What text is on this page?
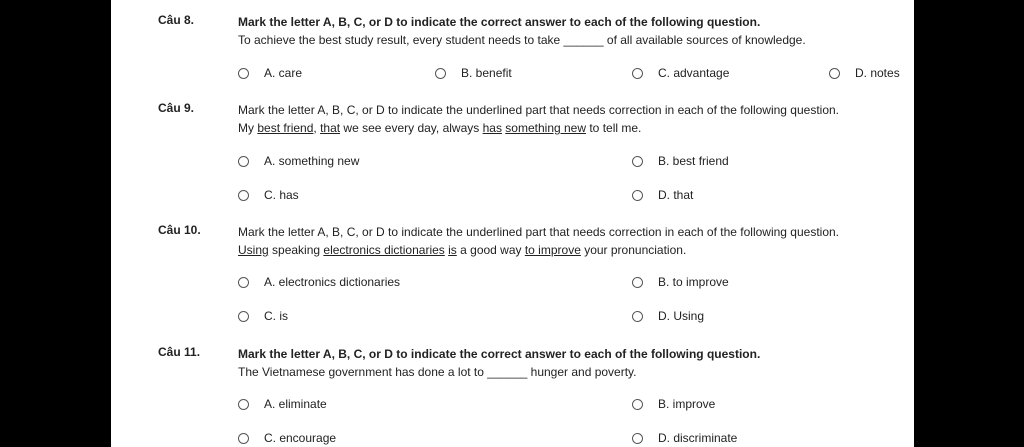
Câu 8.	Mark the letter A, B, C, or D to indicate the correct answer to each of the following question.
To achieve the best study result, every student needs to take ______ of all available sources of knowledge.
A. care	B. benefit	C. advantage	D. notes
Câu 9.	Mark the letter A, B, C, or D to indicate the underlined part that needs correction in each of the following question.
My best friend, that we see every day, always has something new to tell me.
A. something new	B. best friend
C. has	D. that
Câu 10.	Mark the letter A, B, C, or D to indicate the underlined part that needs correction in each of the following question.
Using speaking electronics dictionaries is a good way to improve your pronunciation.
A. electronics dictionaries	B. to improve
C. is	D. Using
Câu 11.	Mark the letter A, B, C, or D to indicate the correct answer to each of the following question.
The Vietnamese government has done a lot to ______ hunger and poverty.
A. eliminate	B. improve
C. encourage	D. discriminate
